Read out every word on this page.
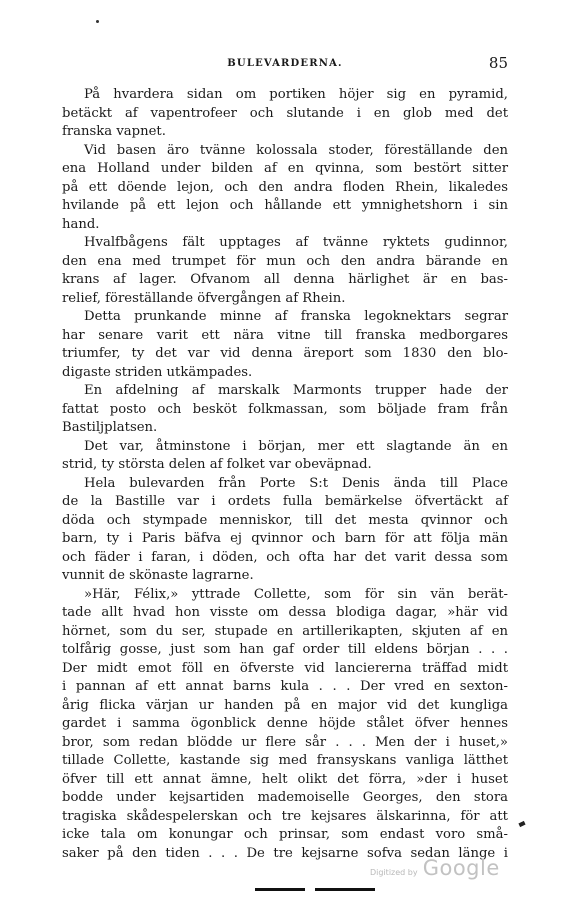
BULEVARDERNA.	85
På hvardera sidan om portiken höjer sig en pyramid,
betäckt af vapentrofeer och slutande i en glob med det
franska vapnet.
Vid basen äro tvänne kolossala stoder, föreställande den
ena Holland under bilden af en qvinna, som bestört sitter
på ett döende lejon, och den andra floden Rhein, likaledes
hvilande på ett lejon och hållande ett ymnighetshorn i sin
hand.
Hvalfbågens fält upptages af tvänne ryktets gudinnor,
den ena med trumpet för mun och den andra bärande en
krans af lager. Ofvanom all denna härlighet är en bas-
relief, föreställande öfvergången af Rhein.
Detta prunkande minne af franska legoknektars segrar
har senare varit ett nära vitne till franska medborgares
triumfer, ty det var vid denna äreport som 1830 den blo-
digaste striden utkämpades.
En afdelning af marskalk Marmonts trupper hade der
fattat posto och besköt folkmassan, som böljade fram från
Bastiljplatsen.
Det var, åtminstone i början, mer ett slagtande än en
strid, ty största delen af folket var obeväpnad.
Hela bulevarden från Porte S:t Denis ända till Place
de la Bastille var i ordets fulla bemärkelse öfvertäckt af
döda och stympade menniskor, till det mesta qvinnor och
barn, ty i Paris bäfva ej qvinnor och barn för att följa män
och fäder i faran, i döden, och ofta har det varit dessa som
vunnit de skönaste lagrarne.
»Här, Félix,» yttrade Collette, som för sin vän berät-
tade allt hvad hon visste om dessa blodiga dagar, »här vid
hörnet, som du ser, stupade en artillerikapten, skjuten af en
tolfårig gosse, just som han gaf order till eldens början . . .
Der midt emot föll en öfverste vid lanciererna träffad midt
i pannan af ett annat barns kula . . . Der vred en sexton-
årig flicka värjan ur handen på en major vid det kungliga
gardet i samma ögonblick denne höjde stålet öfver hennes
bror, som redan blödde ur flere sår . . . Men der i huset,»
tillade Collette, kastande sig med fransyskans vanliga lätthet
öfver till ett annat ämne, helt olikt det förra, »der i huset
bodde under kejsartiden mademoiselle Georges, den stora
tragiska skådespelerskan och tre kejsares älskarinna, för att
icke tala om konungar och prinsar, som endast voro små-
saker på den tiden . . . De tre kejsarne sofva sedan länge i
Digitized by Google
